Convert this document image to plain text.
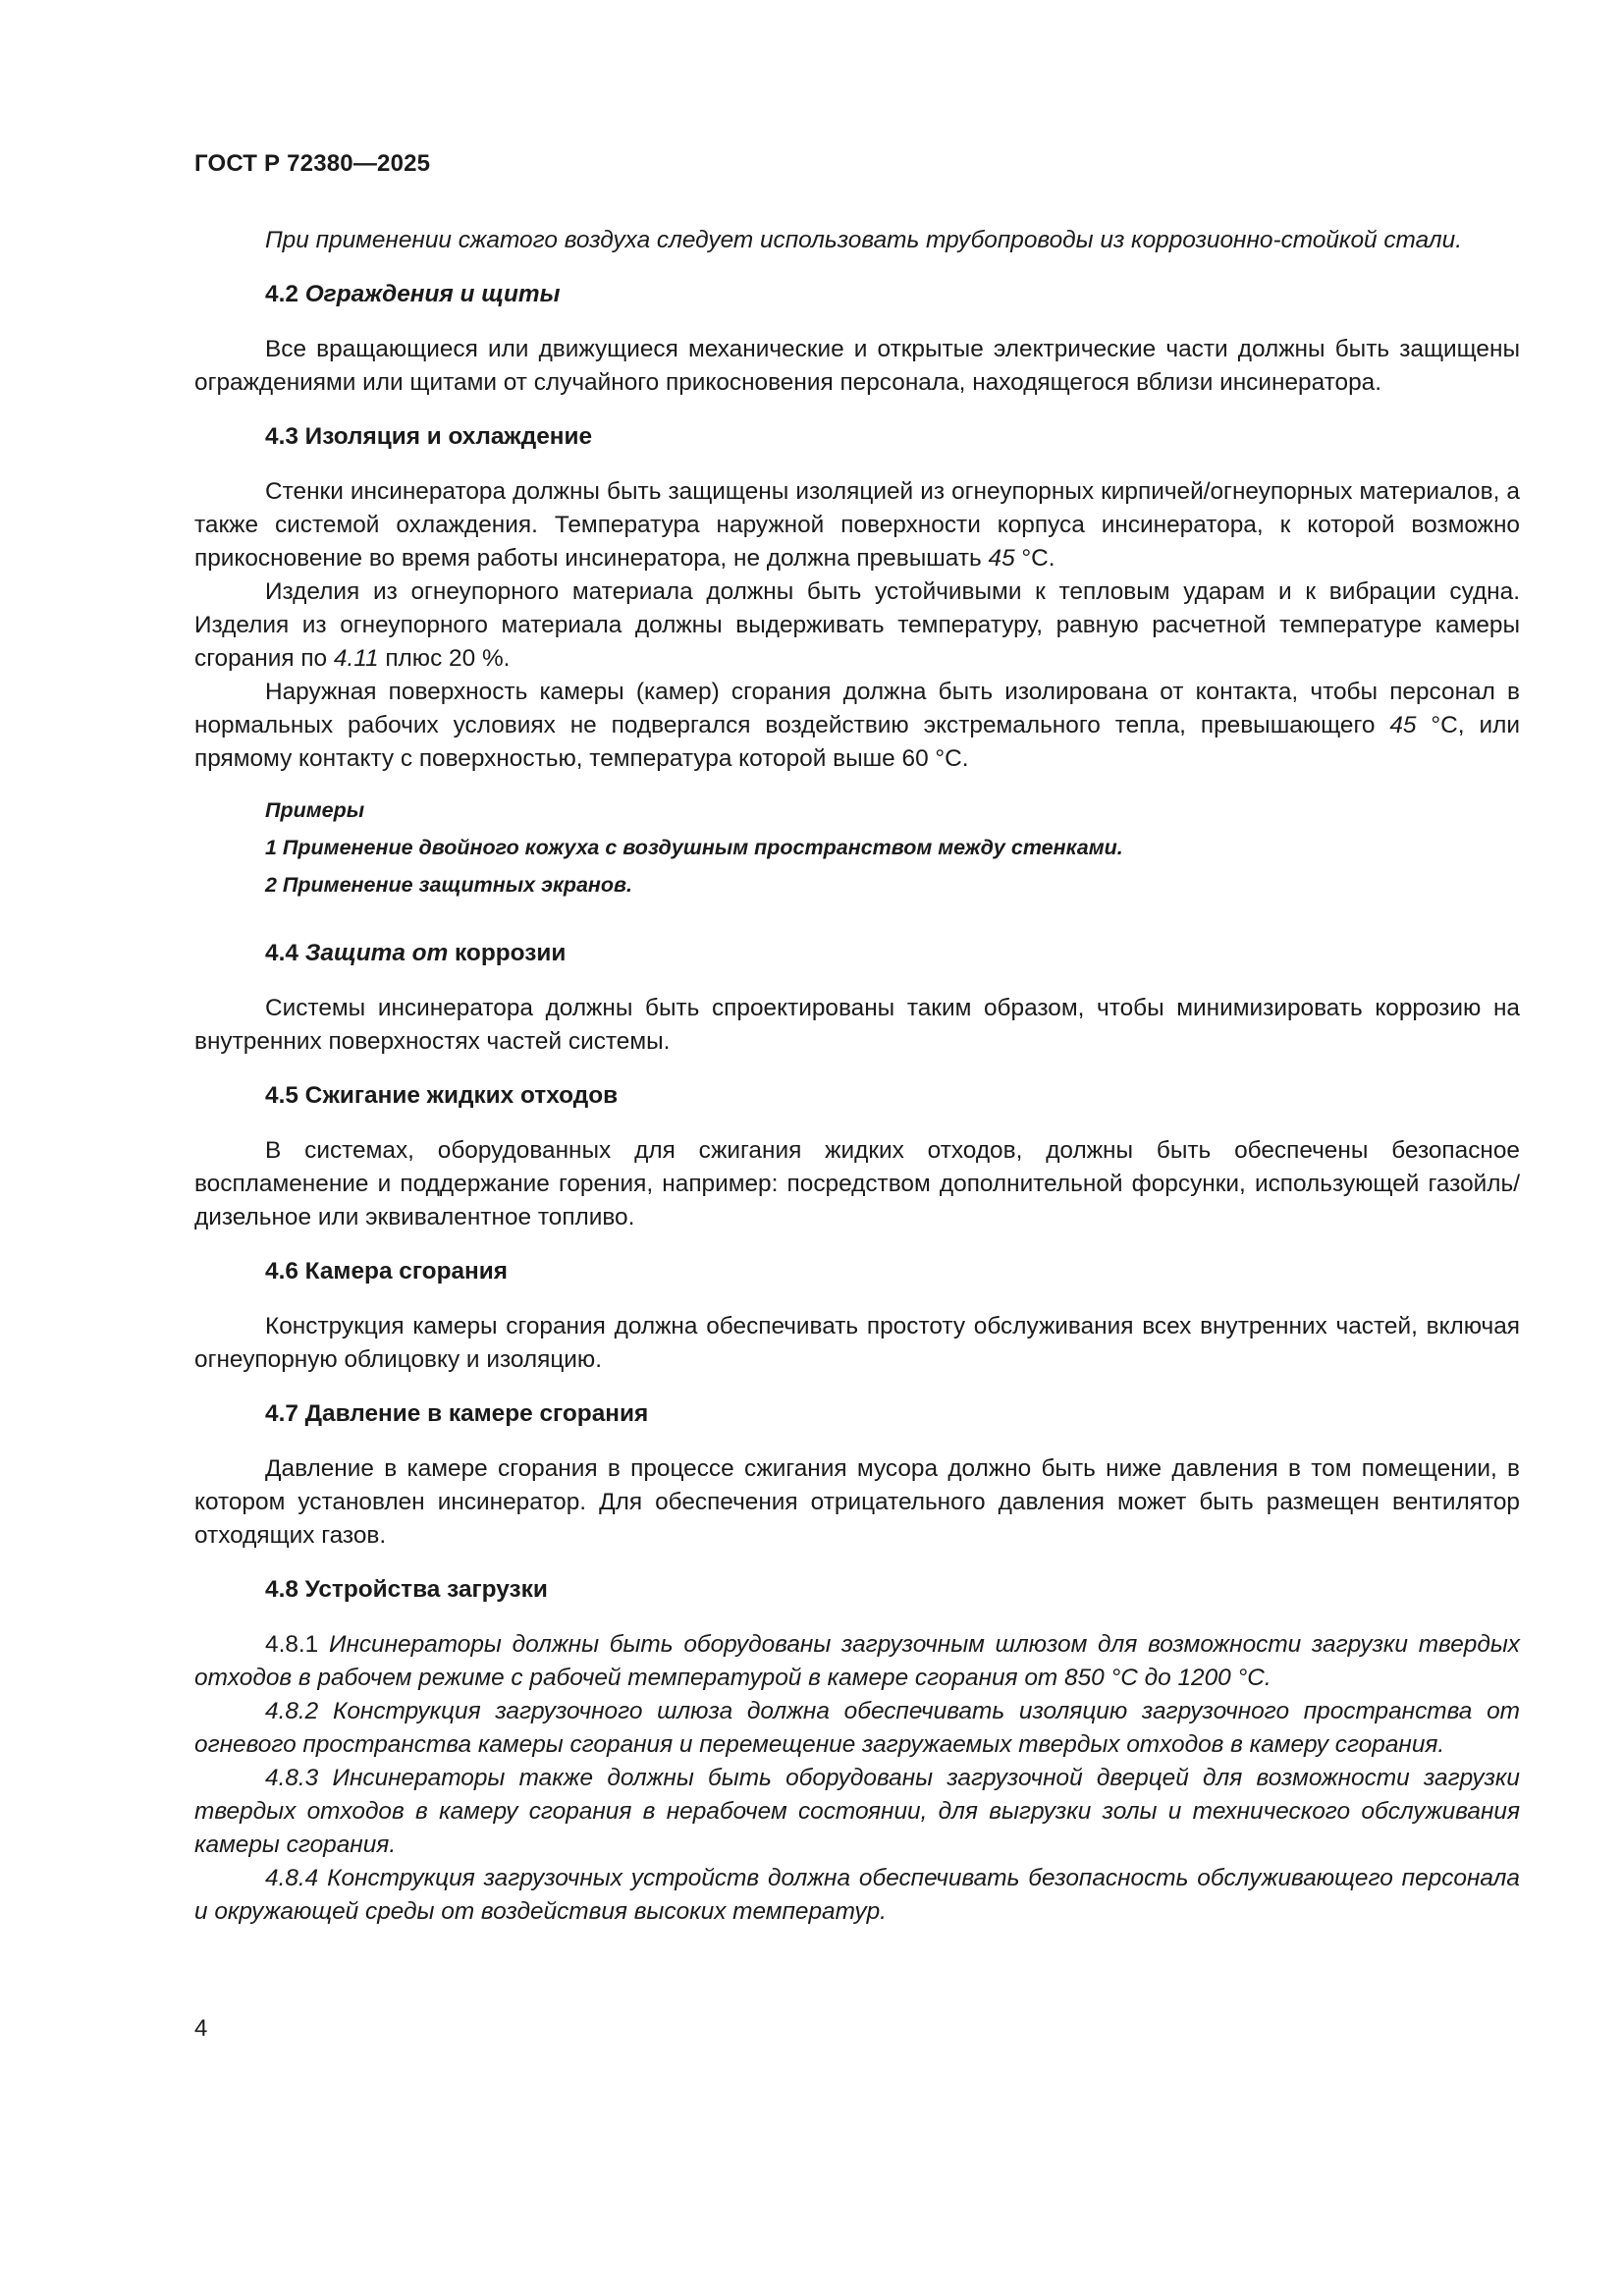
ГОСТ Р 72380—2025

При применении сжатого воздуха следует использовать трубопроводы из коррозионно-стойкой стали.

4.2 Ограждения и щиты

Все вращающиеся или движущиеся механические и открытые электрические части должны быть защищены ограждениями или щитами от случайного прикосновения персонала, находящегося вблизи инсинератора.

4.3 Изоляция и охлаждение

Стенки инсинератора должны быть защищены изоляцией из огнеупорных кирпичей/огнеупорных материалов, а также системой охлаждения. Температура наружной поверхности корпуса инсинератора, к которой возможно прикосновение во время работы инсинератора, не должна превышать 45 °С.

Изделия из огнеупорного материала должны быть устойчивыми к тепловым ударам и к вибрации судна. Изделия из огнеупорного материала должны выдерживать температуру, равную расчетной температуре камеры сгорания по 4.11 плюс 20 %.

Наружная поверхность камеры (камер) сгорания должна быть изолирована от контакта, чтобы персонал в нормальных рабочих условиях не подвергался воздействию экстремального тепла, превышающего 45 °С, или прямому контакту с поверхностью, температура которой выше 60 °С.

Примеры

1 Применение двойного кожуха с воздушным пространством между стенками.

2 Применение защитных экранов.

4.4 Защита от коррозии

Системы инсинератора должны быть спроектированы таким образом, чтобы минимизировать коррозию на внутренних поверхностях частей системы.

4.5 Сжигание жидких отходов

В системах, оборудованных для сжигания жидких отходов, должны быть обеспечены безопасное воспламенение и поддержание горения, например: посредством дополнительной форсунки, использующей газойль/дизельное или эквивалентное топливо.

4.6 Камера сгорания

Конструкция камеры сгорания должна обеспечивать простоту обслуживания всех внутренних частей, включая огнеупорную облицовку и изоляцию.

4.7 Давление в камере сгорания

Давление в камере сгорания в процессе сжигания мусора должно быть ниже давления в том помещении, в котором установлен инсинератор. Для обеспечения отрицательного давления может быть размещен вентилятор отходящих газов.

4.8 Устройства загрузки

4.8.1 Инсинераторы должны быть оборудованы загрузочным шлюзом для возможности загрузки твердых отходов в рабочем режиме с рабочей температурой в камере сгорания от 850 °С до 1200 °С.

4.8.2 Конструкция загрузочного шлюза должна обеспечивать изоляцию загрузочного пространства от огневого пространства камеры сгорания и перемещение загружаемых твердых отходов в камеру сгорания.

4.8.3 Инсинераторы также должны быть оборудованы загрузочной дверцей для возможности загрузки твердых отходов в камеру сгорания в нерабочем состоянии, для выгрузки золы и технического обслуживания камеры сгорания.

4.8.4 Конструкция загрузочных устройств должна обеспечивать безопасность обслуживающего персонала и окружающей среды от воздействия высоких температур.

4
